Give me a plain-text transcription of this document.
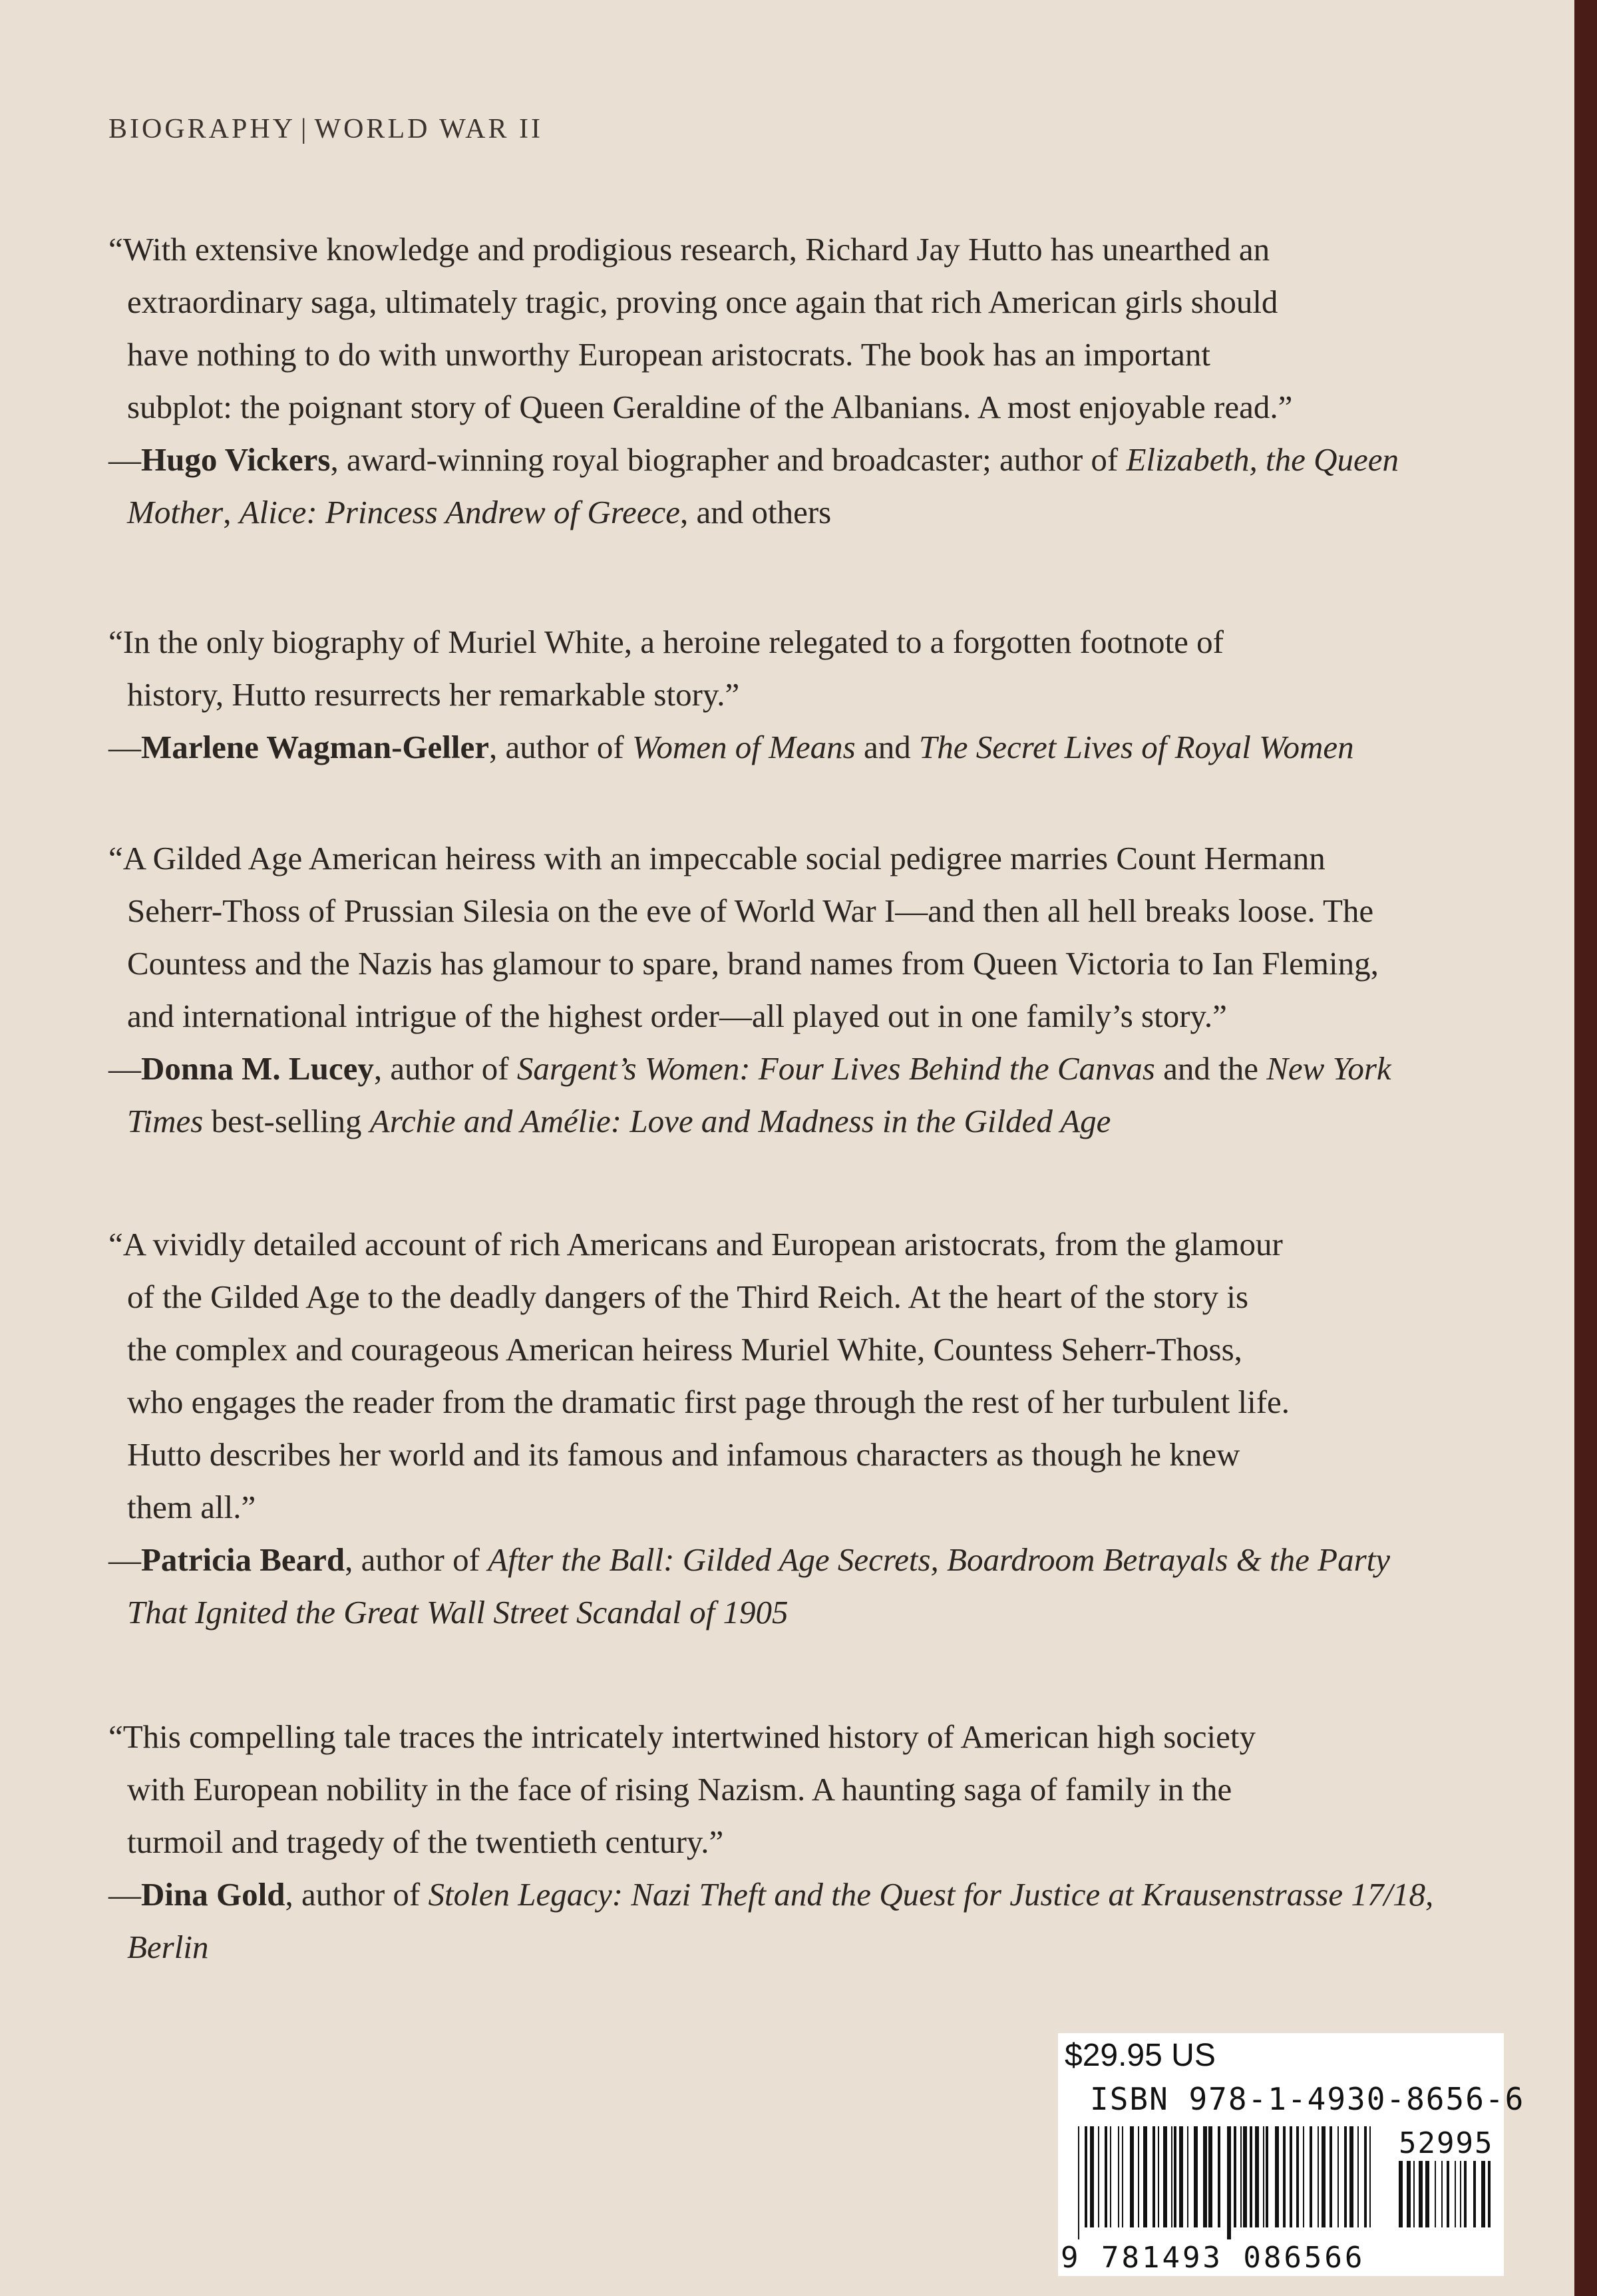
BIOGRAPHY | WORLD WAR II

“With extensive knowledge and prodigious research, Richard Jay Hutto has unearthed an
extraordinary saga, ultimately tragic, proving once again that rich American girls should
have nothing to do with unworthy European aristocrats. The book has an important
subplot: the poignant story of Queen Geraldine of the Albanians. A most enjoyable read.”

—Hugo Vickers, award-winning royal biographer and broadcaster; author of Elizabeth, the Queen Mother, Alice: Princess Andrew of Greece, and others

“In the only biography of Muriel White, a heroine relegated to a forgotten footnote of
history, Hutto resurrects her remarkable story.”

—Marlene Wagman-Geller, author of Women of Means and The Secret Lives of Royal Women

“A Gilded Age American heiress with an impeccable social pedigree marries Count Hermann
Seherr-Thoss of Prussian Silesia on the eve of World War I—and then all hell breaks loose. The
Countess and the Nazis has glamour to spare, brand names from Queen Victoria to Ian Fleming,
and international intrigue of the highest order—all played out in one family’s story.”

—Donna M. Lucey, author of Sargent’s Women: Four Lives Behind the Canvas and the New York Times best-selling Archie and Amélie: Love and Madness in the Gilded Age

“A vividly detailed account of rich Americans and European aristocrats, from the glamour
of the Gilded Age to the deadly dangers of the Third Reich. At the heart of the story is
the complex and courageous American heiress Muriel White, Countess Seherr-Thoss,
who engages the reader from the dramatic first page through the rest of her turbulent life.
Hutto describes her world and its famous and infamous characters as though he knew
them all.”

—Patricia Beard, author of After the Ball: Gilded Age Secrets, Boardroom Betrayals & the Party That Ignited the Great Wall Street Scandal of 1905

“This compelling tale traces the intricately intertwined history of American high society
with European nobility in the face of rising Nazism. A haunting saga of family in the
turmoil and tragedy of the twentieth century.”

—Dina Gold, author of Stolen Legacy: Nazi Theft and the Quest for Justice at Krausenstrasse 17/18, Berlin

$29.95 US
ISBN 978-1-4930-8656-6
52995
9 781493 086566
